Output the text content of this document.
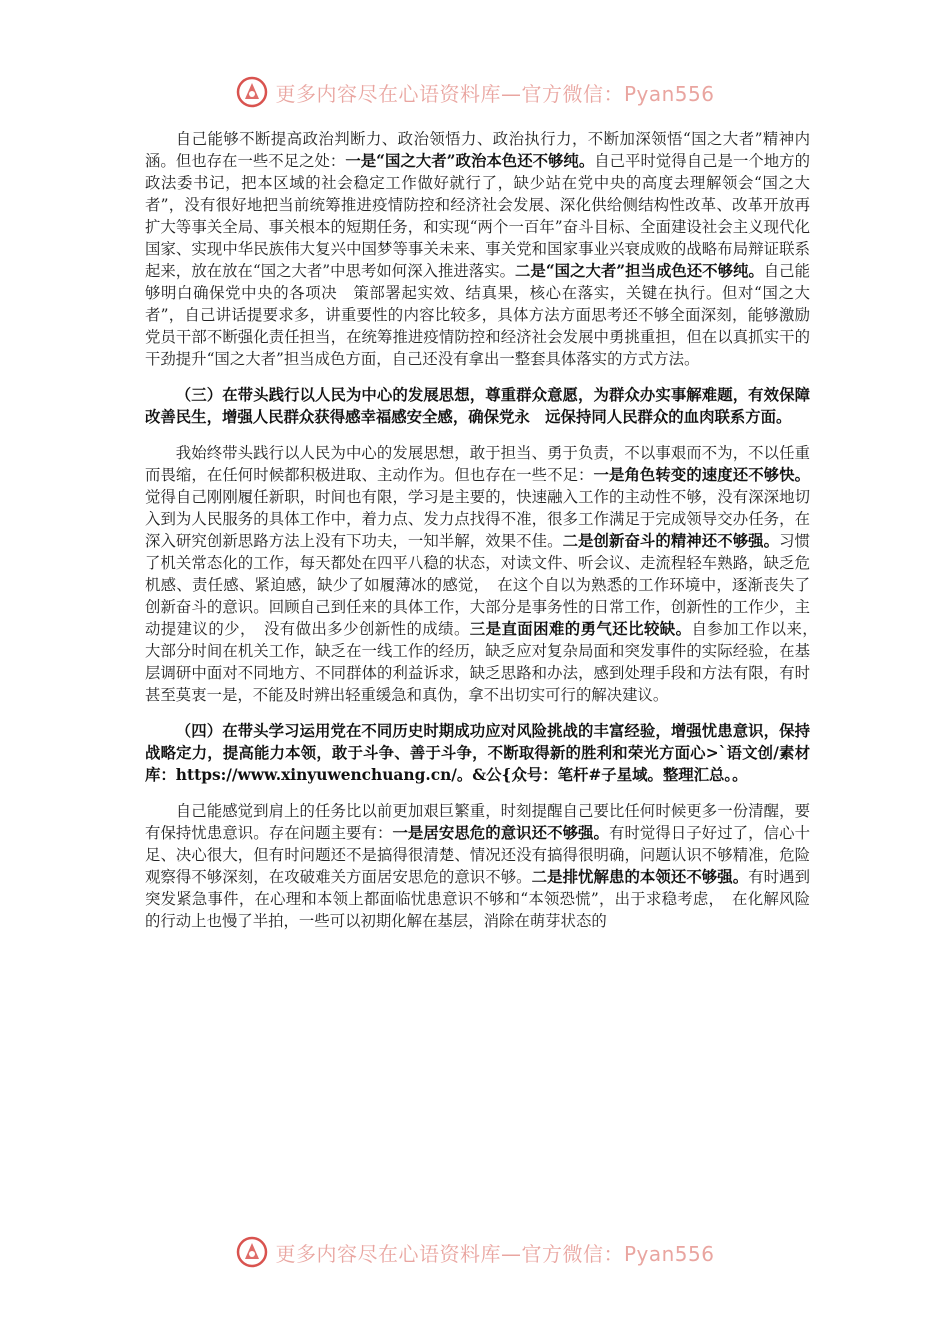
更多内容尽在心语资料库—官方微信：Pyan556

自己能够不断提高政治判断力、政治领悟力、政治执行力，不断加深领悟“国之大者”精神内涵。但也存在一些不足之处：一是“国之大者”政治本色还不够纯。自己平时觉得自己是一个地方的政法委书记，把本区域的社会稳定工作做好就行了，缺少站在党中央的高度去理解领会“国之大者”，没有很好地把当前统筹推进疫情防控和经济社会发展、深化供给侧结构性改革、改革开放再扩大等事关全局、事关根本的短期任务，和实现“两个一百年”奋斗目标、全面建设社会主义现代化国家、实现中华民族伟大复兴中国梦等事关未来、事关党和国家事业兴衰成败的战略布局辩证联系起来，放在放在“国之大者”中思考如何深入推进落实。二是“国之大者”担当成色还不够纯。自己能够明白确保党中央的各项决　策部署起实效、结真果，核心在落实，关键在执行。但对“国之大者”，自己讲话提要求多，讲重要性的内容比较多，具体方法方面思考还不够全面深刻，能够激励党员干部不断强化责任担当，在统筹推进疫情防控和经济社会发展中勇挑重担，但在以真抓实干的干劲提升“国之大者”担当成色方面，自己还没有拿出一整套具体落实的方式方法。

（三）在带头践行以人民为中心的发展思想，尊重群众意愿，为群众办实事解难题，有效保障改善民生，增强人民群众获得感幸福感安全感，确保党永　远保持同人民群众的血肉联系方面。

我始终带头践行以人民为中心的发展思想，敢于担当、勇于负责，不以事艰而不为，不以任重而畏缩，在任何时候都积极进取、主动作为。但也存在一些不足：一是角色转变的速度还不够快。觉得自己刚刚履任新职，时间也有限，学习是主要的，快速融入工作的主动性不够，没有深深地切入到为人民服务的具体工作中，着力点、发力点找得不准，很多工作满足于完成领导交办任务，在深入研究创新思路方法上没有下功夫，一知半解，效果不佳。二是创新奋斗的精神还不够强。习惯了机关常态化的工作，每天都处在四平八稳的状态，对读文件、听会议、走流程轻车熟路，缺乏危机感、责任感、紧迫感，缺少了如履薄冰的感觉，　在这个自以为熟悉的工作环境中，逐渐丧失了创新奋斗的意识。回顾自己到任来的具体工作，大部分是事务性的日常工作，创新性的工作少，主动提建议的少，　没有做出多少创新性的成绩。三是直面困难的勇气还比较缺。自参加工作以来，　大部分时间在机关工作，缺乏在一线工作的经历，缺乏应对复杂局面和突发事件的实际经验，在基层调研中面对不同地方、不同群体的利益诉求，缺乏思路和办法，感到处理手段和方法有限，有时甚至莫衷一是，不能及时辨出轻重缓急和真伪，拿不出切实可行的解决建议。

（四）在带头学习运用党在不同历史时期成功应对风险挑战的丰富经验，增强忧患意识，保持战略定力，提高能力本领，敢于斗争、善于斗争，不断取得新的胜利和荣光方面心>`语文创/素材库：https://www.xinyuwenchuang.cn/。&公{众号：笔杆#子星域。整理汇总。。

自己能感觉到肩上的任务比以前更加艰巨繁重，时刻提醒自己要比任何时候更多一份清醒，要有保持忧患意识。存在问题主要有：一是居安思危的意识还不够强。有时觉得日子好过了，信心十足、决心很大，但有时问题还不是搞得很清楚、情况还没有搞得很明确，问题认识不够精准，危险观察得不够深刻，在攻破难关方面居安思危的意识不够。二是排忧解患的本领还不够强。有时遇到突发紧急事件，在心理和本领上都面临忧患意识不够和“本领恐慌”，出于求稳考虑，　在化解风险的行动上也慢了半拍，一些可以初期化解在基层，消除在萌芽状态的

更多内容尽在心语资料库—官方微信：Pyan556
